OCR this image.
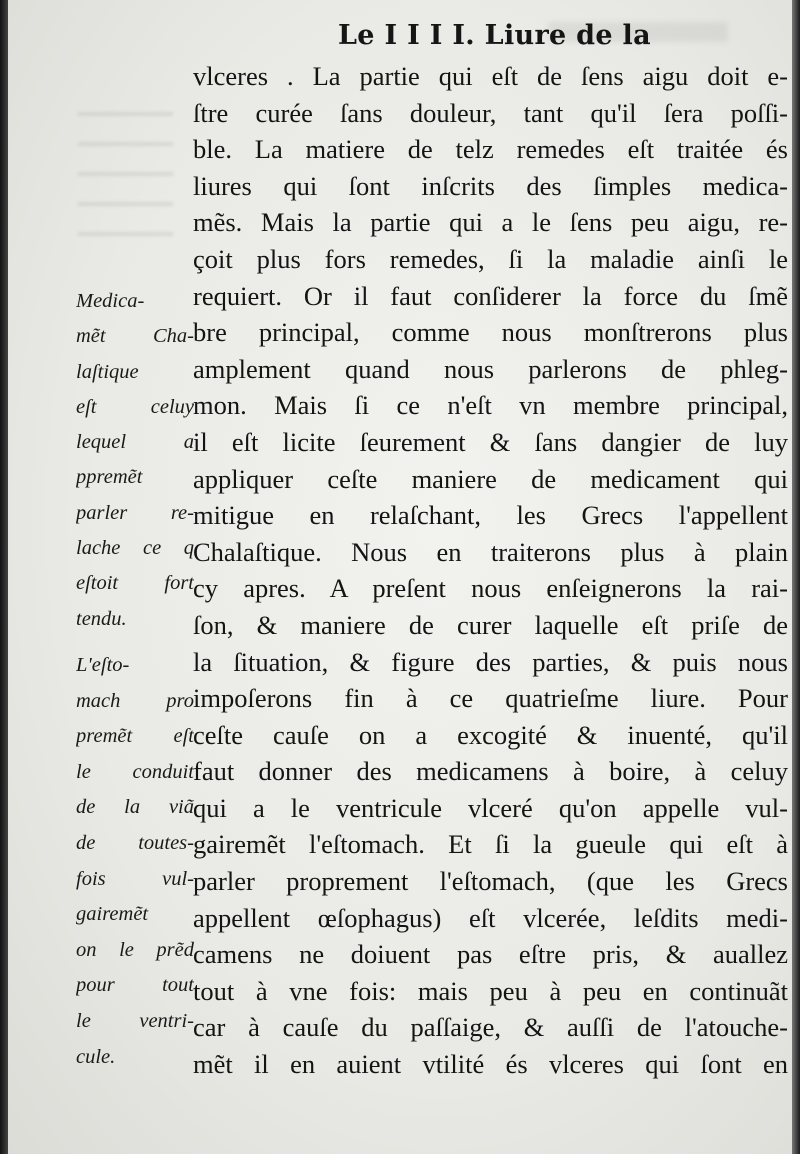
Le I I I I. Liure de la
vlceres . La partie qui eſt de ſens aigu doit e-
ſtre curée ſans douleur, tant qu'il ſera poſſi-
ble. La matiere de telz remedes eſt traitée és
liures qui ſont inſcrits des ſimples medica-
mẽs. Mais la partie qui a le ſens peu aigu, re-
çoit plus fors remedes, ſi la maladie ainſi le
requiert. Or il faut conſiderer la force du ſmẽ
bre principal, comme nous monſtrerons plus
amplement quand nous parlerons de phleg-
mon. Mais ſi ce n'eſt vn membre principal,
il eſt licite ſeurement & ſans dangier de luy
appliquer ceſte maniere de medicament qui
mitigue en relaſchant, les Grecs l'appellent
Chalaſtique. Nous en traiterons plus à plain
cy apres. A preſent nous enſeignerons la rai-
ſon, & maniere de curer laquelle eſt priſe de
la ſituation, & figure des parties, & puis nous
impoſerons fin à ce quatrieſme liure. Pour
ceſte cauſe on a excogité & inuenté, qu'il
faut donner des medicamens à boire, à celuy
qui a le ventricule vlceré qu'on appelle vul-
gairemẽt l'eſtomach. Et ſi la gueule qui eſt à
parler proprement l'eſtomach, (que les Grecs
appellent œſophagus) eſt vlcerée, leſdits medi-
camens ne doiuent pas eſtre pris, & auallez
tout à vne fois: mais peu à peu en continuãt
car à cauſe du paſſaige, & auſſi de l'atouche-
mẽt il en auient vtilité és vlceres qui ſont en
Medica-
mẽt Cha-
laſtique
eſt celuy
lequel a
ppremẽt
parler re-
lache ce q
eſtoit fort
tendu.
L'eſto-
mach pro
premẽt eſt
le conduit
de la viã
de toutes-
fois vul-
gairemẽt
on le prẽd
pour tout
le ventri-
cule.
